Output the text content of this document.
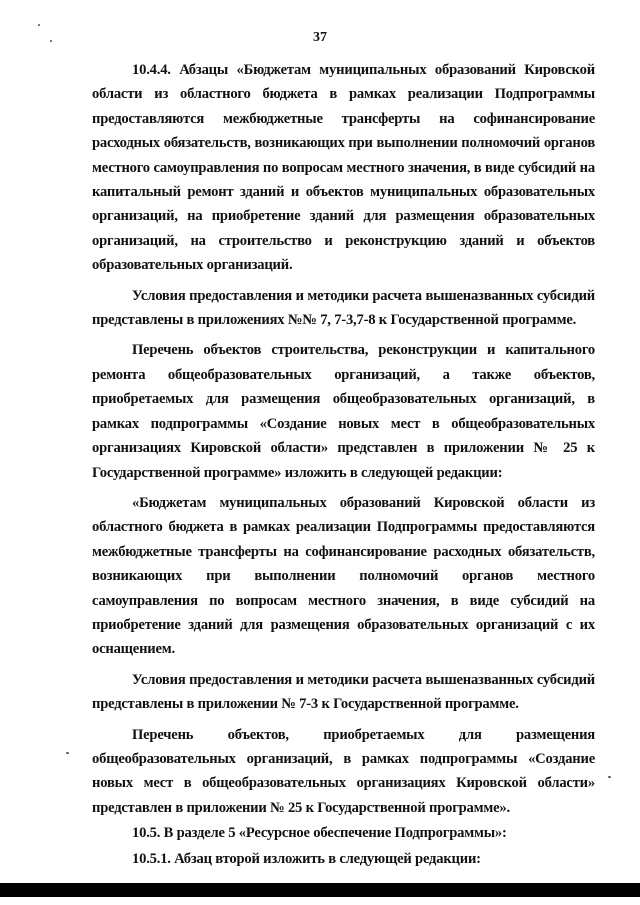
37

10.4.4. Абзацы «Бюджетам муниципальных образований Кировской области из областного бюджета в рамках реализации Подпрограммы предоставляются межбюджетные трансферты на софинансирование расходных обязательств, возникающих при выполнении полномочий органов местного самоуправления по вопросам местного значения, в виде субсидий на капитальный ремонт зданий и объектов муниципальных образовательных организаций, на приобретение зданий для размещения образовательных организаций, на строительство и реконструкцию зданий и объектов образовательных организаций.

Условия предоставления и методики расчета вышеназванных субсидий представлены в приложениях №№ 7, 7-3,7-8 к Государственной программе.

Перечень объектов строительства, реконструкции и капитального ремонта общеобразовательных организаций, а также объектов, приобретаемых для размещения общеобразовательных организаций, в рамках подпрограммы «Создание новых мест в общеобразовательных организациях Кировской области» представлен в приложении № 25 к Государственной программе» изложить в следующей редакции:

«Бюджетам муниципальных образований Кировской области из областного бюджета в рамках реализации Подпрограммы предоставляются межбюджетные трансферты на софинансирование расходных обязательств, возникающих при выполнении полномочий органов местного самоуправления по вопросам местного значения, в виде субсидий на приобретение зданий для размещения образовательных организаций с их оснащением.

Условия предоставления и методики расчета вышеназванных субсидий представлены в приложении № 7-3 к Государственной программе.

Перечень объектов, приобретаемых для размещения общеобразовательных организаций, в рамках подпрограммы «Создание новых мест в общеобразовательных организациях Кировской области» представлен в приложении № 25 к Государственной программе».

10.5. В разделе 5 «Ресурсное обеспечение Подпрограммы»:

10.5.1. Абзац второй изложить в следующей редакции:
